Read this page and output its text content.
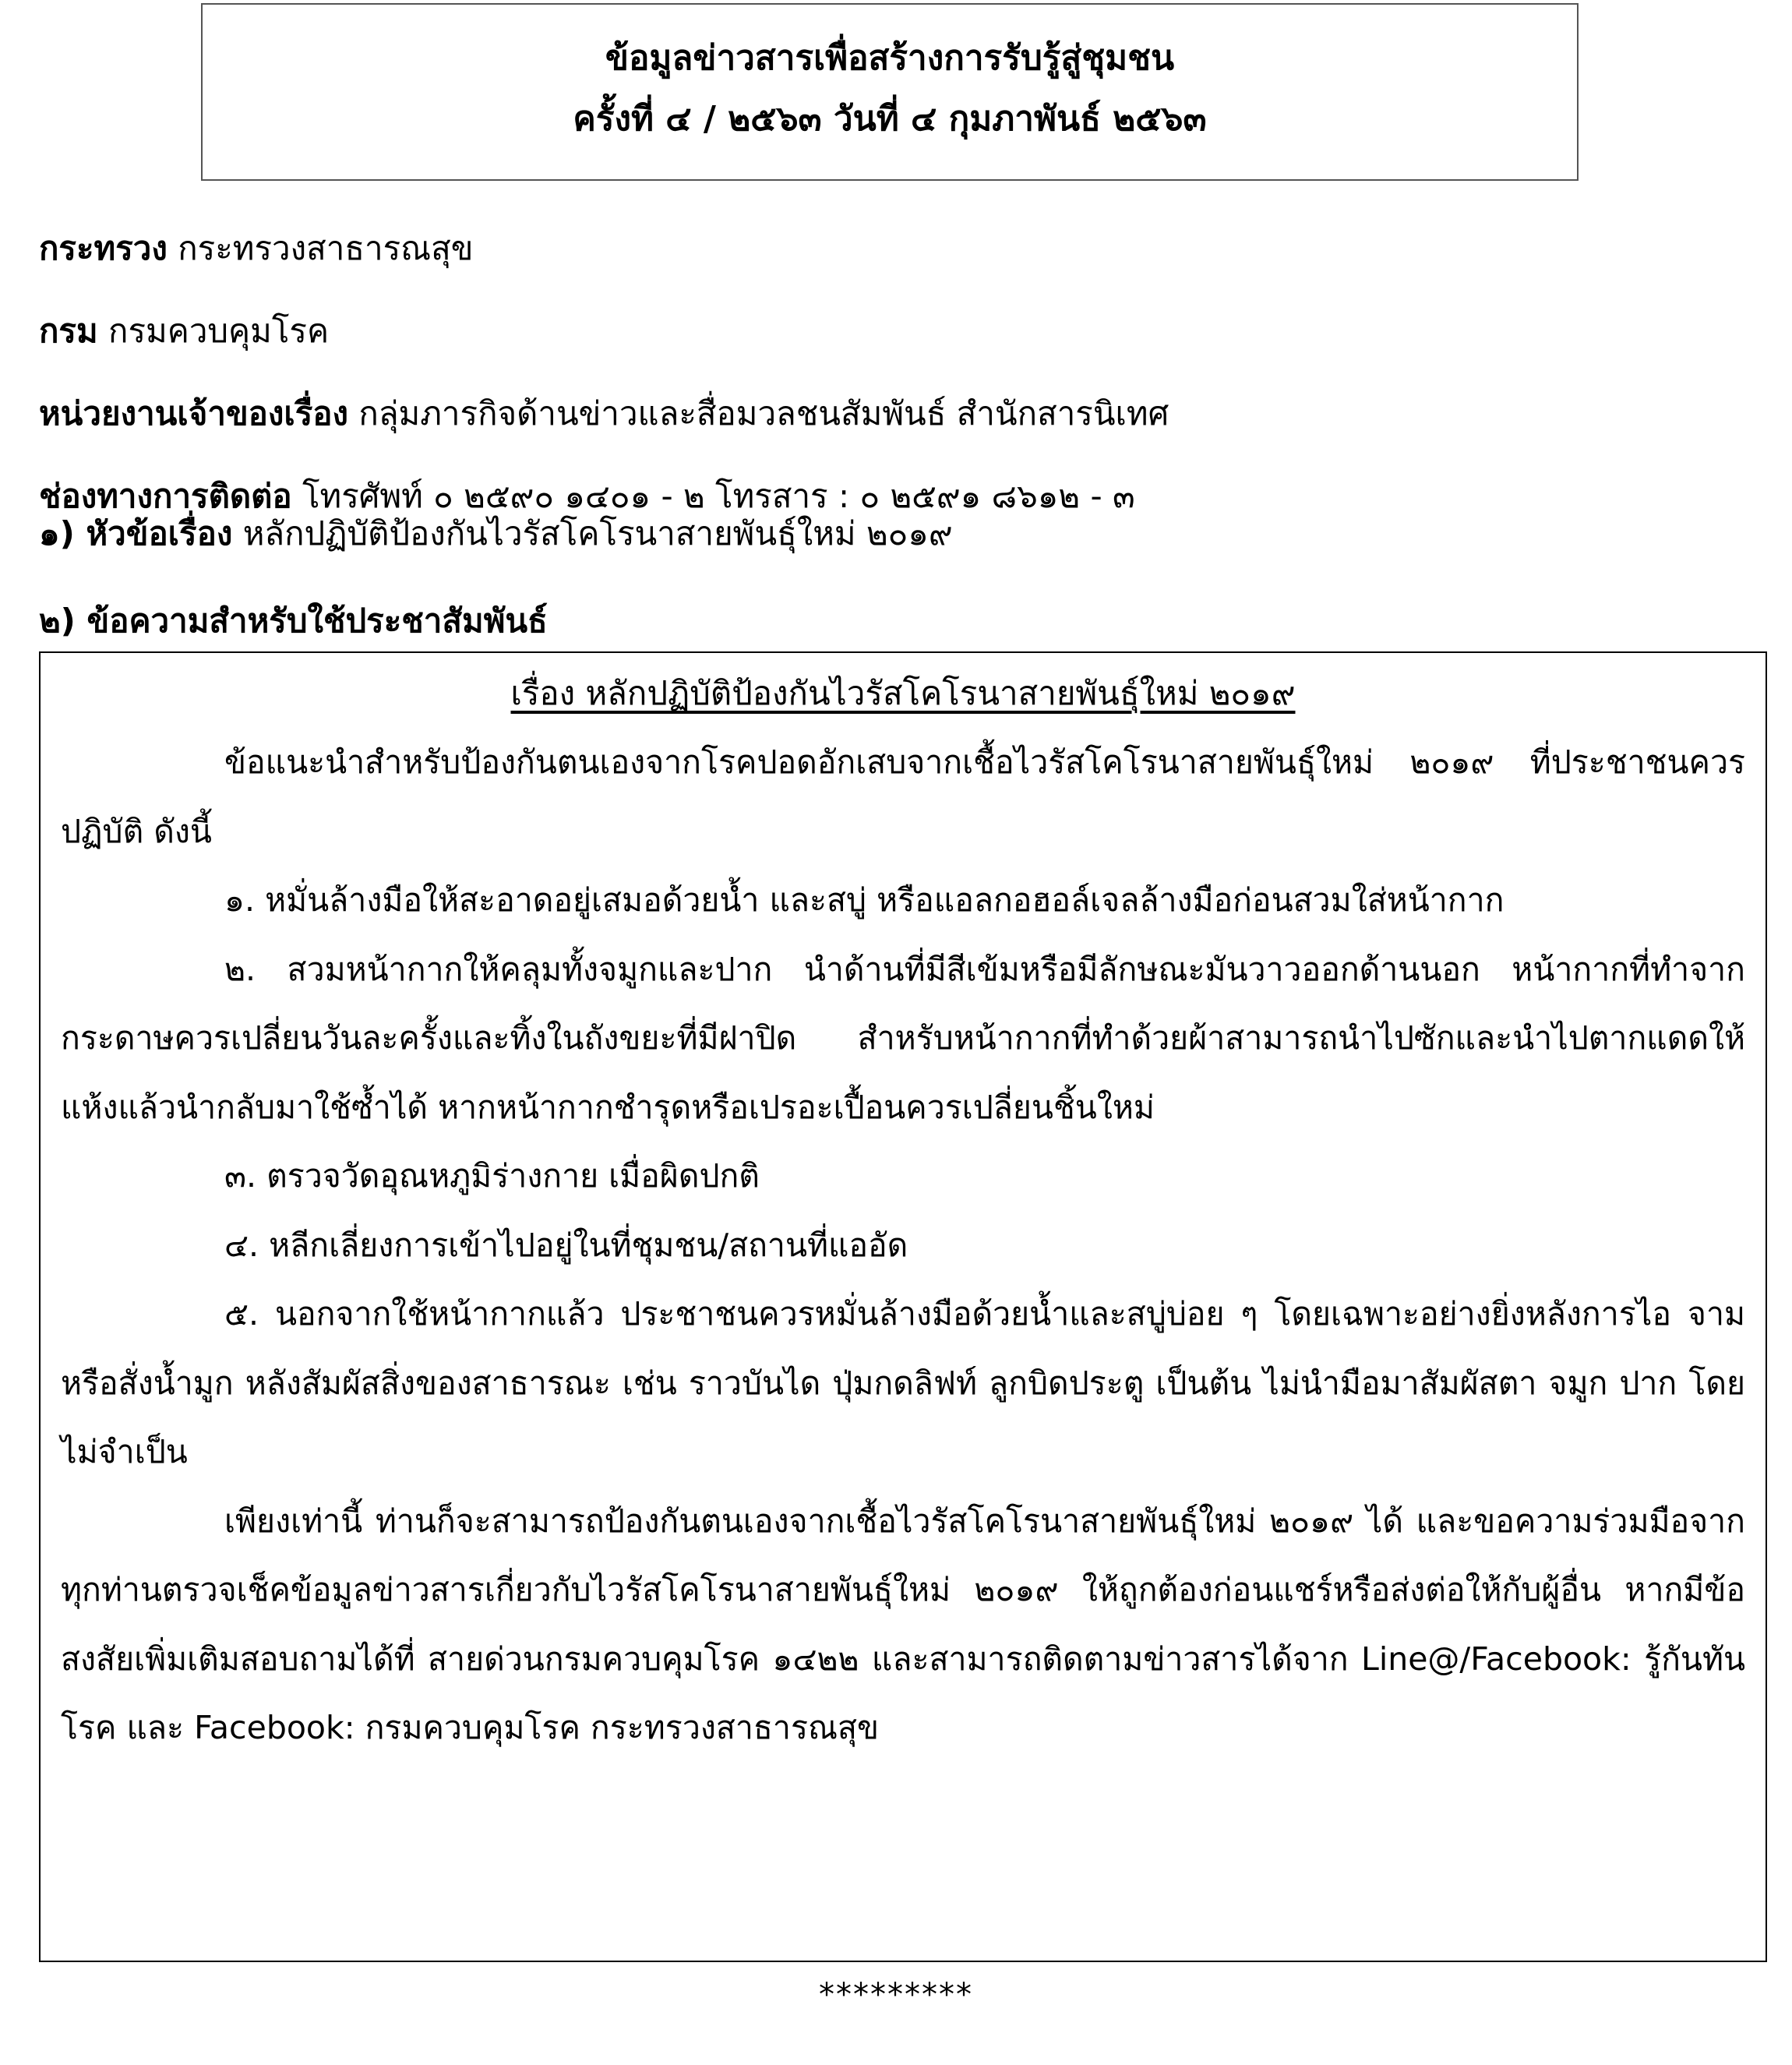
ข้อมูลข่าวสารเพื่อสร้างการรับรู้สู่ชุมชน
ครั้งที่ ๔ / ๒๕๖๓ วันที่ ๔ กุมภาพันธ์ ๒๕๖๓
กระทรวง กระทรวงสาธารณสุข
กรม กรมควบคุมโรค
หน่วยงานเจ้าของเรื่อง กลุ่มภารกิจด้านข่าวและสื่อมวลชนสัมพันธ์ สำนักสารนิเทศ
ช่องทางการติดต่อ โทรศัพท์ ๐ ๒๕๙๐ ๑๔๐๑ - ๒ โทรสาร : ๐ ๒๕๙๑ ๘๖๑๒ - ๓
๑) หัวข้อเรื่อง หลักปฏิบัติป้องกันไวรัสโคโรนาสายพันธุ์ใหม่ ๒๐๑๙
๒) ข้อความสำหรับใช้ประชาสัมพันธ์
เรื่อง หลักปฏิบัติป้องกันไวรัสโคโรนาสายพันธุ์ใหม่ ๒๐๑๙

ข้อแนะนำสำหรับป้องกันตนเองจากโรคปอดอักเสบจากเชื้อไวรัสโคโรนาสายพันธุ์ใหม่ ๒๐๑๙ ที่ประชาชนควรปฏิบัติ ดังนี้

๑. หมั่นล้างมือให้สะอาดอยู่เสมอด้วยน้ำ และสบู่ หรือแอลกอฮอล์เจลล้างมือก่อนสวมใส่หน้ากาก

๒. สวมหน้ากากให้คลุมทั้งจมูกและปาก นำด้านที่มีสีเข้มหรือมีลักษณะมันวาวออกด้านนอก หน้ากากที่ทำจากกระดาษควรเปลี่ยนวันละครั้งและทิ้งในถังขยะที่มีฝาปิด สำหรับหน้ากากที่ทำด้วยผ้าสามารถนำไปซักและนำไปตากแดดให้แห้งแล้วนำกลับมาใช้ซ้ำได้ หากหน้ากากชำรุดหรือเปรอะเปื้อนควรเปลี่ยนชิ้นใหม่

๓. ตรวจวัดอุณหภูมิร่างกาย เมื่อผิดปกติ

๔. หลีกเลี่ยงการเข้าไปอยู่ในที่ชุมชน/สถานที่แออัด

๕. นอกจากใช้หน้ากากแล้ว ประชาชนควรหมั่นล้างมือด้วยน้ำและสบู่บ่อย ๆ โดยเฉพาะอย่างยิ่งหลังการไอ จาม หรือสั่งน้ำมูก หลังสัมผัสสิ่งของสาธารณะ เช่น ราวบันได ปุ่มกดลิฟท์ ลูกบิดประตู เป็นต้น ไม่นำมือมาสัมผัสตา จมูก ปาก โดยไม่จำเป็น

เพียงเท่านี้ ท่านก็จะสามารถป้องกันตนเองจากเชื้อไวรัสโคโรนาสายพันธุ์ใหม่ ๒๐๑๙ ได้ และขอความร่วมมือจากทุกท่านตรวจเช็คข้อมูลข่าวสารเกี่ยวกับไวรัสโคโรนาสายพันธุ์ใหม่ ๒๐๑๙ ให้ถูกต้องก่อนแชร์หรือส่งต่อให้กับผู้อื่น หากมีข้อสงสัยเพิ่มเติมสอบถามได้ที่ สายด่วนกรมควบคุมโรค ๑๔๒๒ และสามารถติดตามข่าวสารได้จาก Line@/Facebook: รู้กันทันโรค และ Facebook: กรมควบคุมโรค กระทรวงสาธารณสุข

*********
